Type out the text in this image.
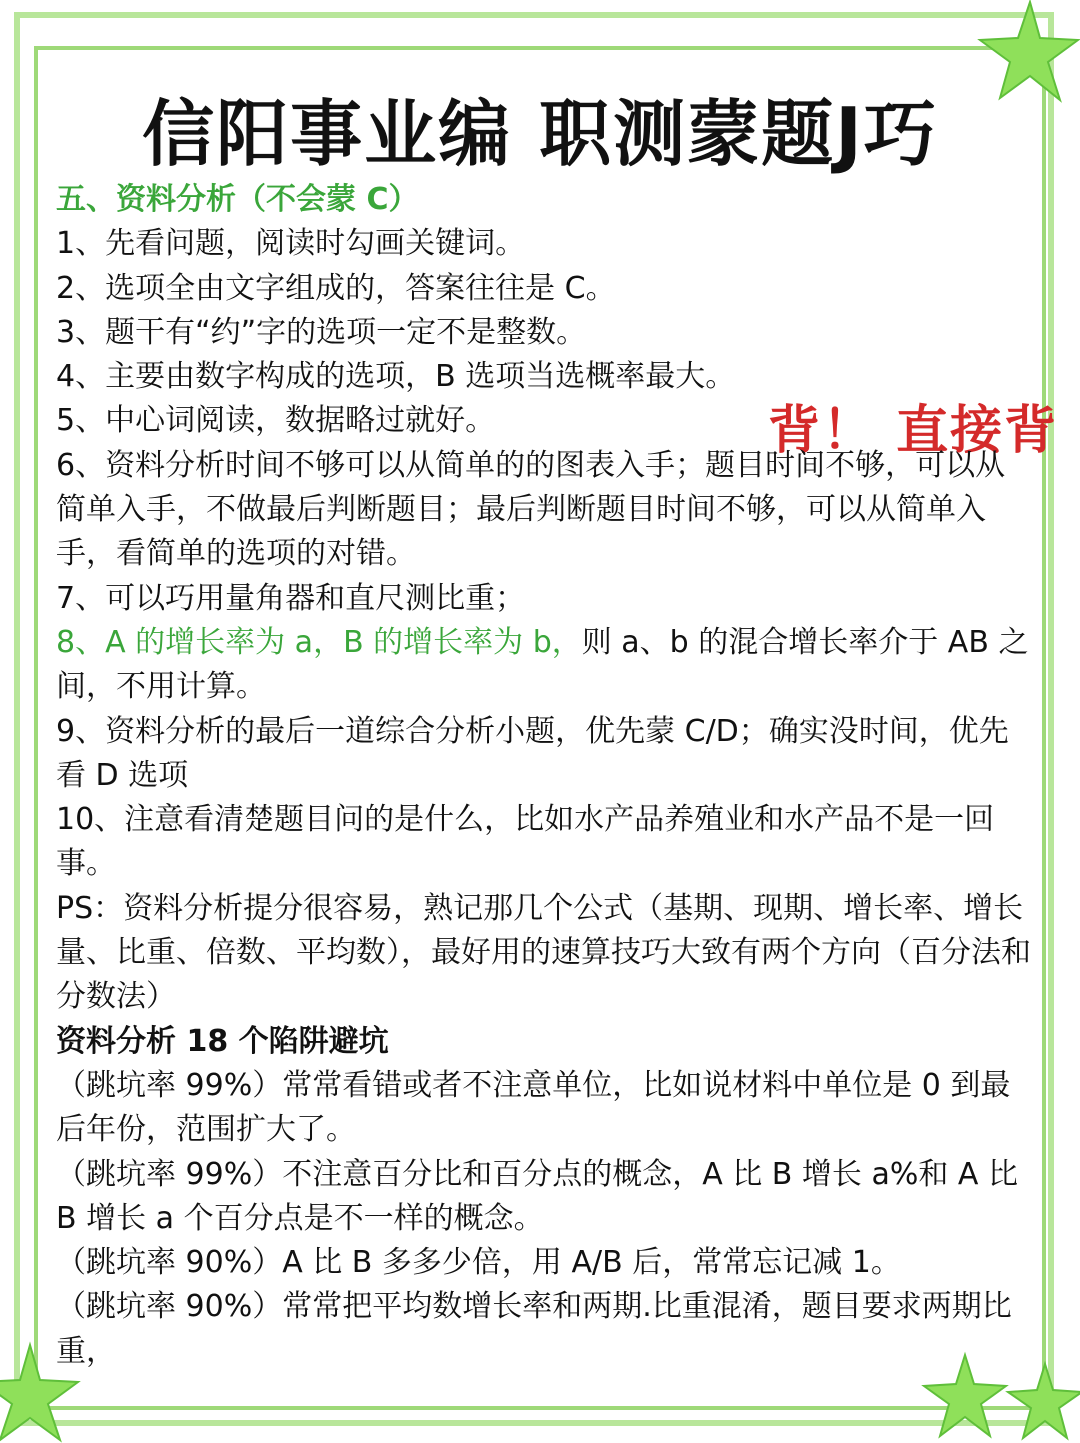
信阳事业编 职测蒙题J巧
背！ 直接背

五、资料分析（不会蒙 C）

1、先看问题，阅读时勾画关键词。

2、选项全由文字组成的，答案往往是 C。

3、题干有“约”字的选项一定不是整数。

4、主要由数字构成的选项，B 选项当选概率最大。

5、中心词阅读，数据略过就好。

6、资料分析时间不够可以从简单的的图表入手；题目时间不够，可以从简单入手，不做最后判断题目；最后判断题目时间不够，可以从简单入手，看简单的选项的对错。

7、可以巧用量角器和直尺测比重；

8、A 的增长率为 a，B 的增长率为 b，则 a、b 的混合增长率介于 AB 之间，不用计算。

9、资料分析的最后一道综合分析小题，优先蒙 C/D；确实没时间，优先看 D 选项

10、注意看清楚题目问的是什么，比如水产品养殖业和水产品不是一回事。

PS：资料分析提分很容易，熟记那几个公式（基期、现期、增长率、增长量、比重、倍数、平均数），最好用的速算技巧大致有两个方向（百分法和分数法）

资料分析 18 个陷阱避坑

（跳坑率 99%）常常看错或者不注意单位，比如说材料中单位是 0 到最后年份，范围扩大了。

（跳坑率 99%）不注意百分比和百分点的概念，A 比 B 增长 a%和 A 比 B 增长 a 个百分点是不一样的概念。

（跳坑率 90%）A 比 B 多多少倍，用 A/B 后，常常忘记减 1。

（跳坑率 90%）常常把平均数增长率和两期.比重混淆，题目要求两期比重，
